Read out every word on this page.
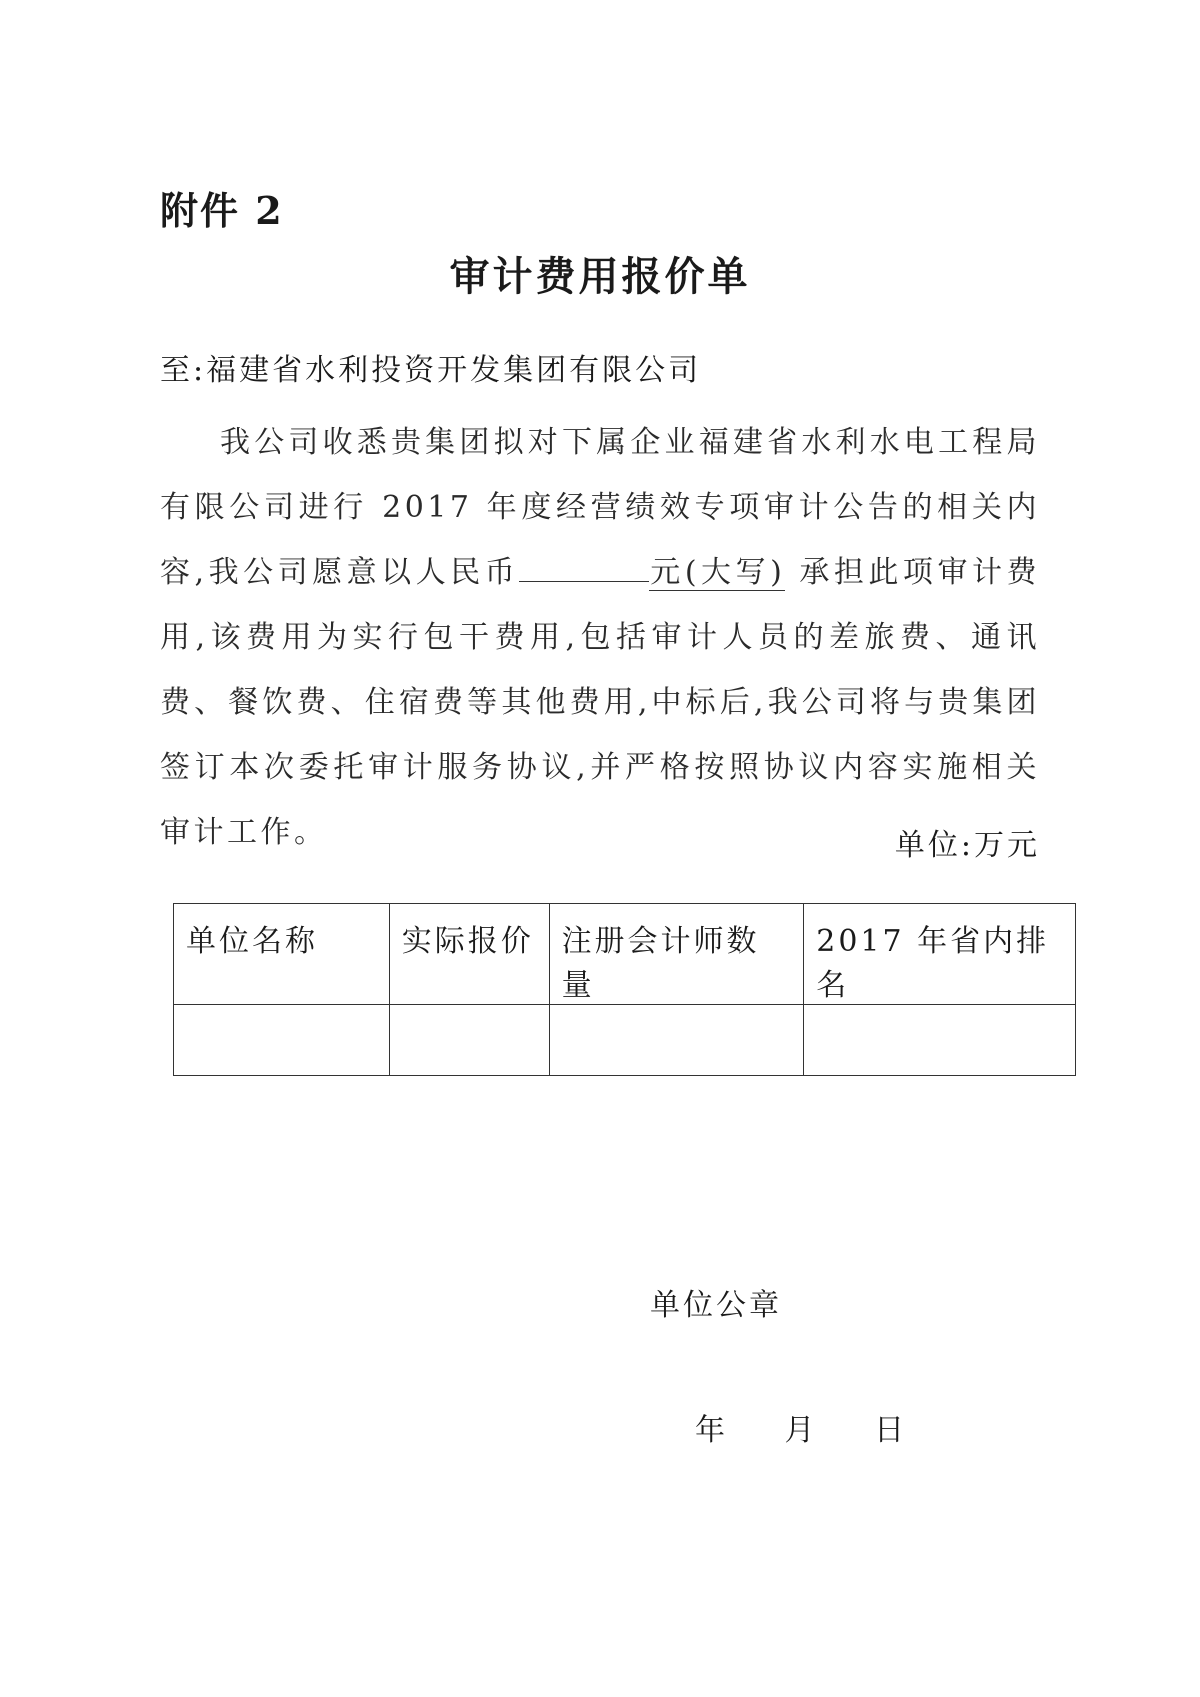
附件 2
审计费用报价单
至:福建省水利投资开发集团有限公司
我公司收悉贵集团拟对下属企业福建省水利水电工程局有限公司进行 2017 年度经营绩效专项审计公告的相关内容,我公司愿意以人民币	元(大写) 承担此项审计费用,该费用为实行包干费用,包括审计人员的差旅费、通讯费、餐饮费、住宿费等其他费用,中标后,我公司将与贵集团签订本次委托审计服务协议,并严格按照协议内容实施相关审计工作。	单位:万元
单位名称	实际报价	注册会计师数量	2017 年省内排名

单位公章
年 月 日
